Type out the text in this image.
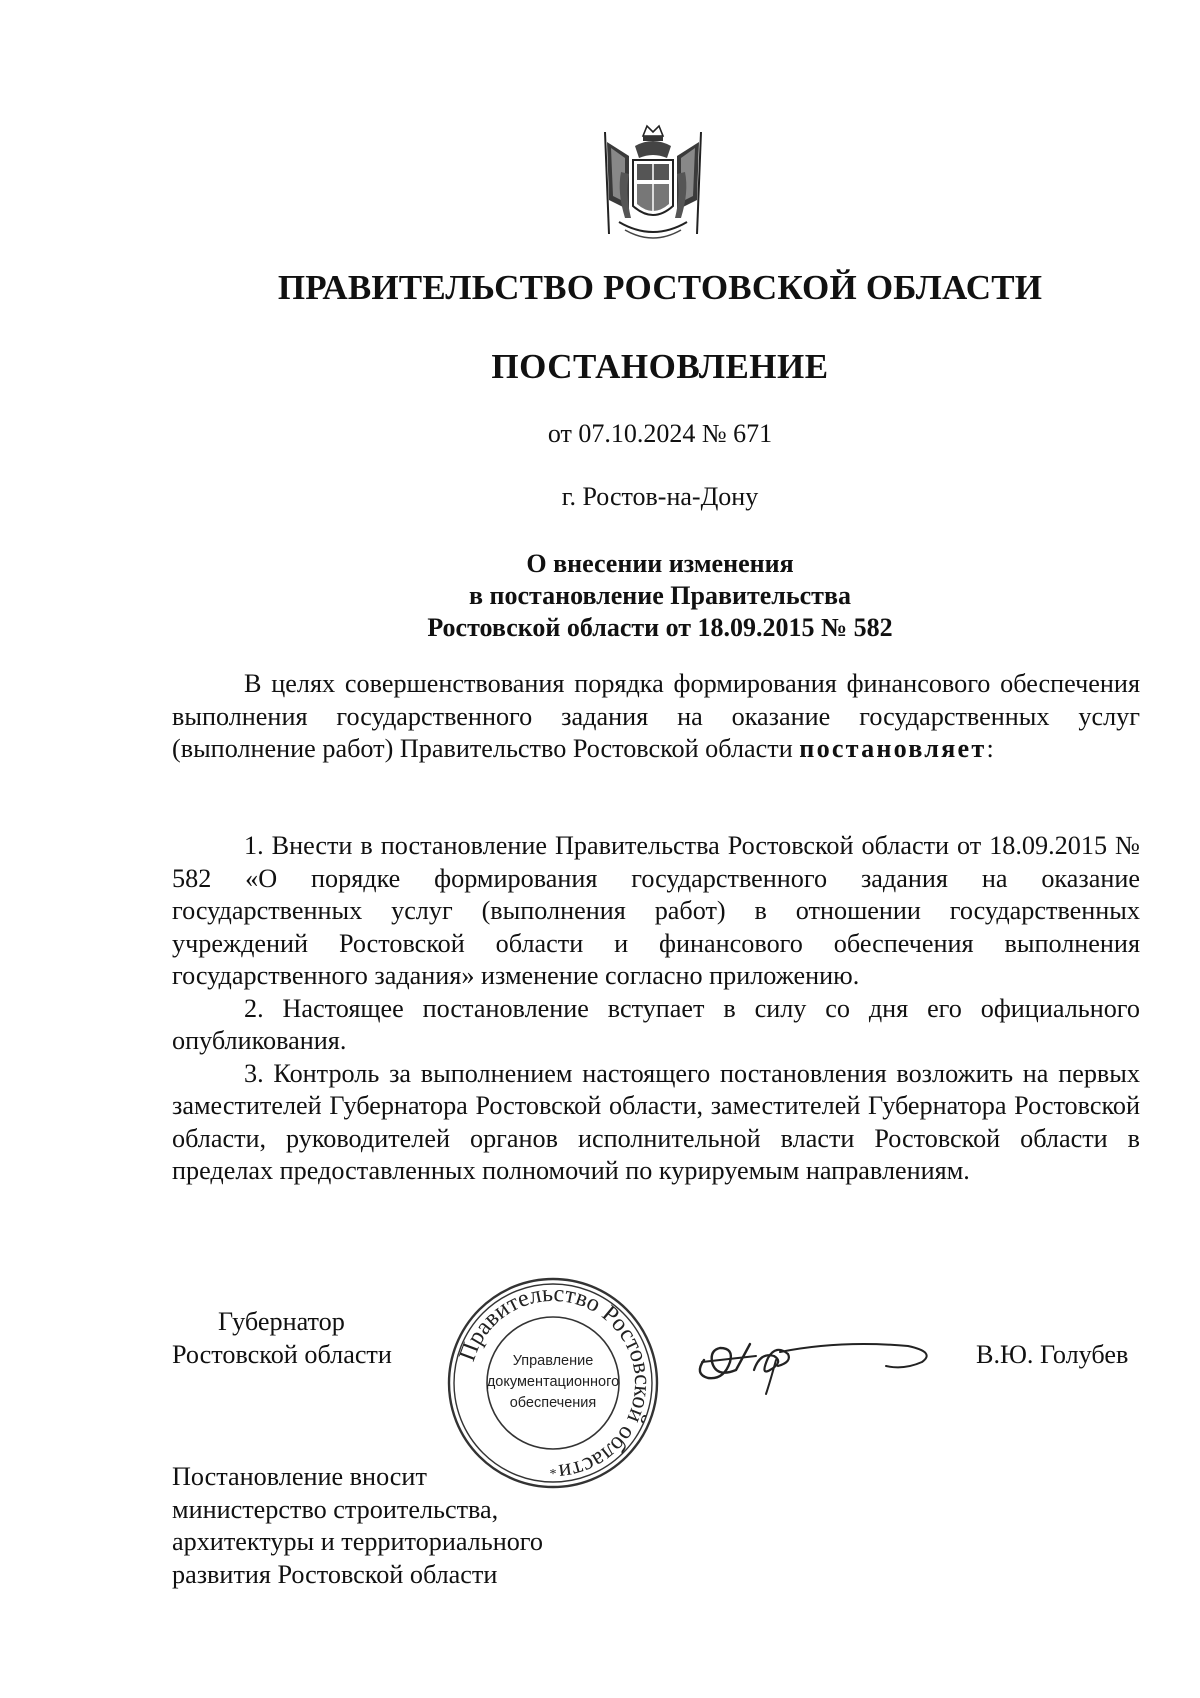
ПРАВИТЕЛЬСТВО РОСТОВСКОЙ ОБЛАСТИ
ПОСТАНОВЛЕНИЕ
от 07.10.2024 № 671
г. Ростов-на-Дону
О внесении изменения
в постановление Правительства
Ростовской области от 18.09.2015 № 582

В целях совершенствования порядка формирования финансового обеспечения выполнения государственного задания на оказание государственных услуг (выполнение работ) Правительство Ростовской области постановляет:

1. Внести в постановление Правительства Ростовской области от 18.09.2015 № 582 «О порядке формирования государственного задания на оказание государственных услуг (выполнения работ) в отношении государственных учреждений Ростовской области и финансового обеспечения выполнения государственного задания» изменение согласно приложению.

2. Настоящее постановление вступает в силу со дня его официального опубликования.

3. Контроль за выполнением настоящего постановления возложить на первых заместителей Губернатора Ростовской области, заместителей Губернатора Ростовской области, руководителей органов исполнительной власти Ростовской области в пределах предоставленных полномочий по курируемым направлениям.

Губернатор
Ростовской области	Правительство Ростовской области
Управление
документационного
обеспечения
*
В.Ю. Голубев
Постановление вносит
министерство строительства,
архитектуры и территориального
развития Ростовской области
